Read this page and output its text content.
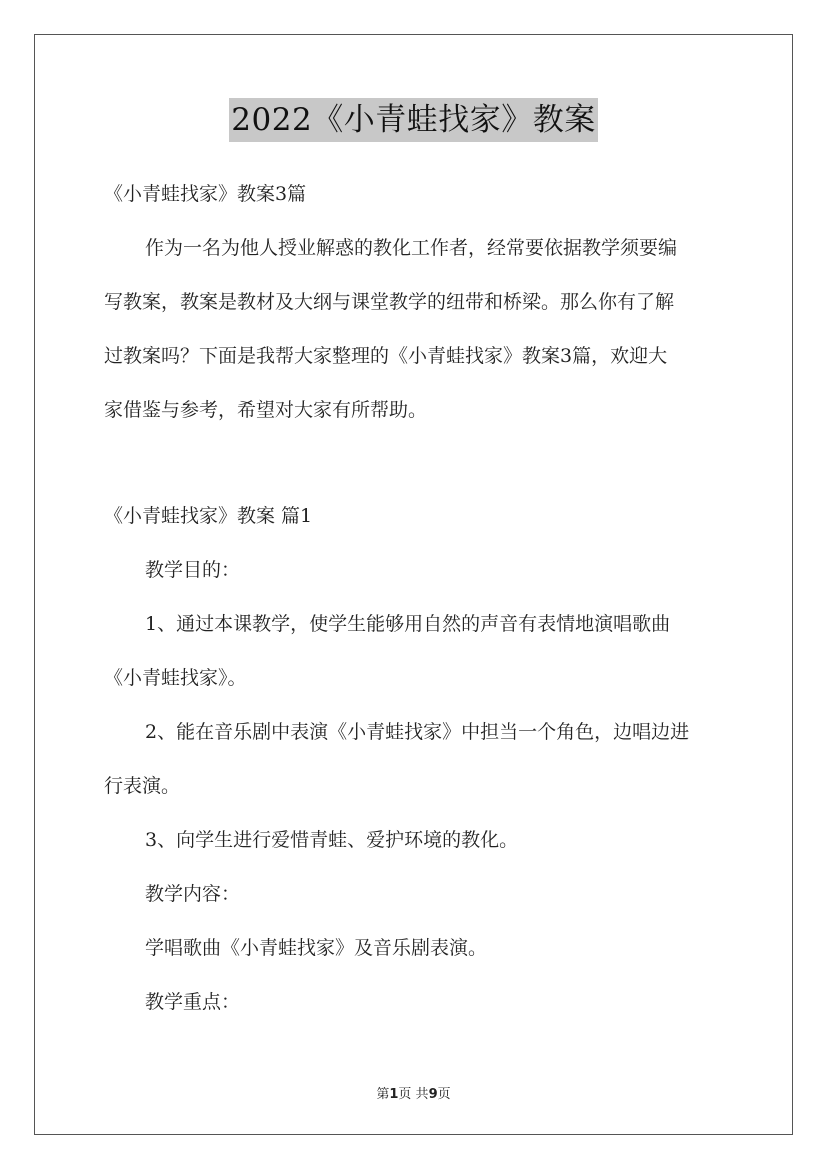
2022《小青蛙找家》教案
《小青蛙找家》教案3篇
作为一名为他人授业解惑的教化工作者，经常要依据教学须要编
写教案，教案是教材及大纲与课堂教学的纽带和桥梁。那么你有了解
过教案吗？下面是我帮大家整理的《小青蛙找家》教案3篇，欢迎大
家借鉴与参考，希望对大家有所帮助。
《小青蛙找家》教案 篇1
教学目的：
1、通过本课教学，使学生能够用自然的声音有表情地演唱歌曲
《小青蛙找家》。
2、能在音乐剧中表演《小青蛙找家》中担当一个角色，边唱边进
行表演。
3、向学生进行爱惜青蛙、爱护环境的教化。
教学内容：
学唱歌曲《小青蛙找家》及音乐剧表演。
教学重点：
第1页 共9页
